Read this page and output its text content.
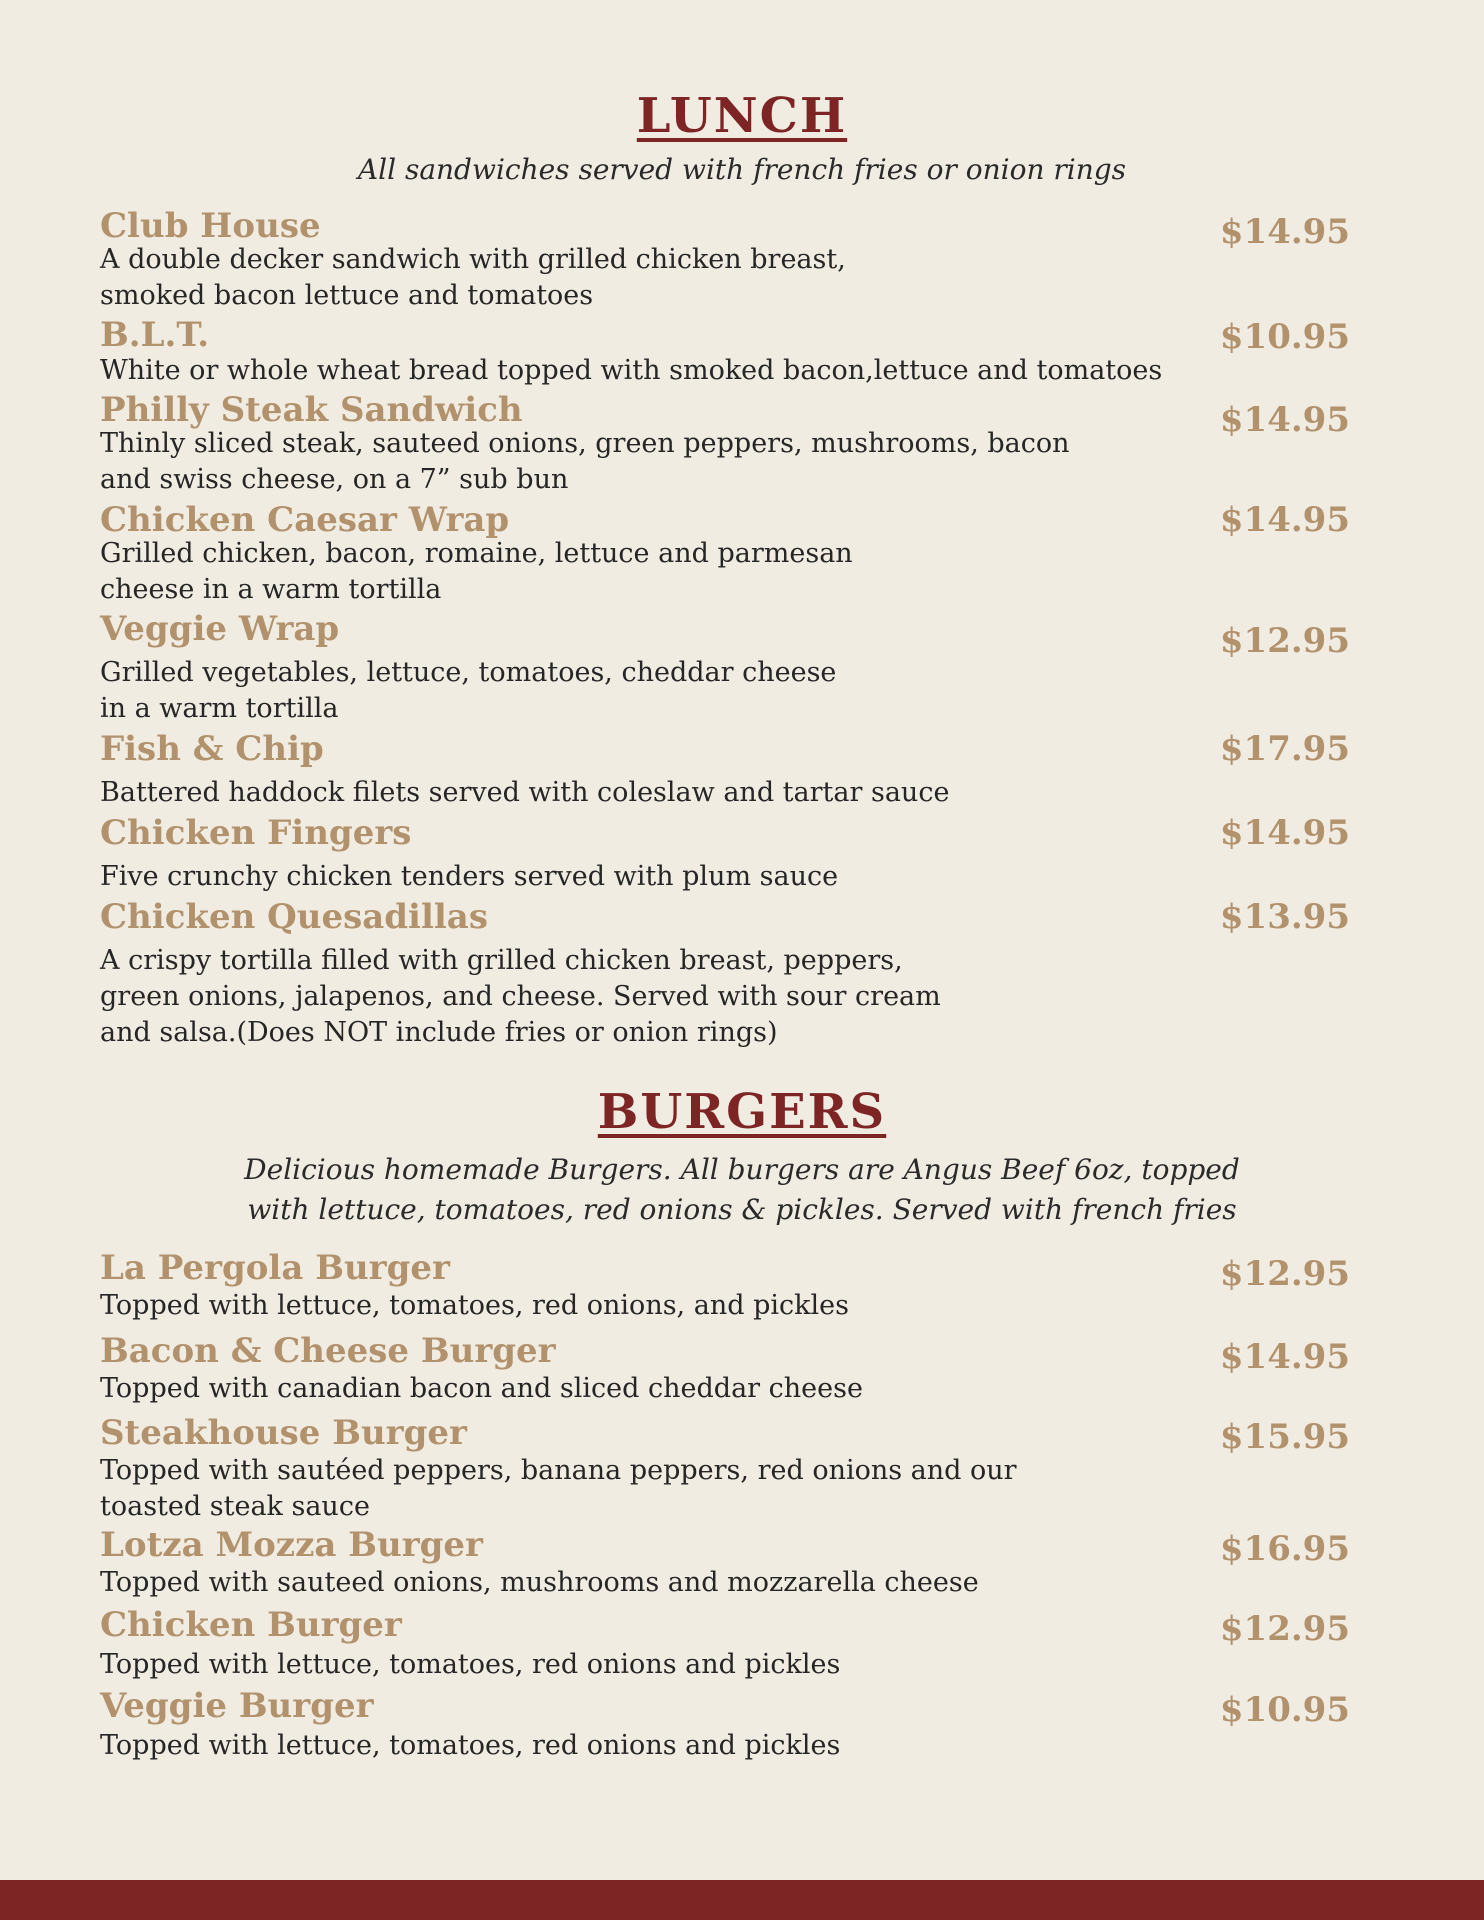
LUNCH
All sandwiches served with french fries or onion rings
Club House	$14.95
A double decker sandwich with grilled chicken breast,
smoked bacon lettuce and tomatoes
B.L.T.	$10.95
White or whole wheat bread topped with smoked bacon,lettuce and tomatoes
Philly Steak Sandwich	$14.95
Thinly sliced steak, sauteed onions, green peppers, mushrooms, bacon
and swiss cheese, on a 7” sub bun
Chicken Caesar Wrap	$14.95
Grilled chicken, bacon, romaine, lettuce and parmesan
cheese in a warm tortilla
Veggie Wrap	$12.95
Grilled vegetables, lettuce, tomatoes, cheddar cheese
in a warm tortilla
Fish & Chip	$17.95
Battered haddock filets served with coleslaw and tartar sauce
Chicken Fingers	$14.95
Five crunchy chicken tenders served with plum sauce
Chicken Quesadillas	$13.95
A crispy tortilla filled with grilled chicken breast, peppers,
green onions, jalapenos, and cheese. Served with sour cream
and salsa.(Does NOT include fries or onion rings)
BURGERS
Delicious homemade Burgers. All burgers are Angus Beef 6oz, topped
with lettuce, tomatoes, red onions & pickles. Served with french fries
La Pergola Burger	$12.95
Topped with lettuce, tomatoes, red onions, and pickles
Bacon & Cheese Burger	$14.95
Topped with canadian bacon and sliced cheddar cheese
Steakhouse Burger	$15.95
Topped with sautéed peppers, banana peppers, red onions and our
toasted steak sauce
Lotza Mozza Burger	$16.95
Topped with sauteed onions, mushrooms and mozzarella cheese
Chicken Burger	$12.95
Topped with lettuce, tomatoes, red onions and pickles
Veggie Burger	$10.95
Topped with lettuce, tomatoes, red onions and pickles
